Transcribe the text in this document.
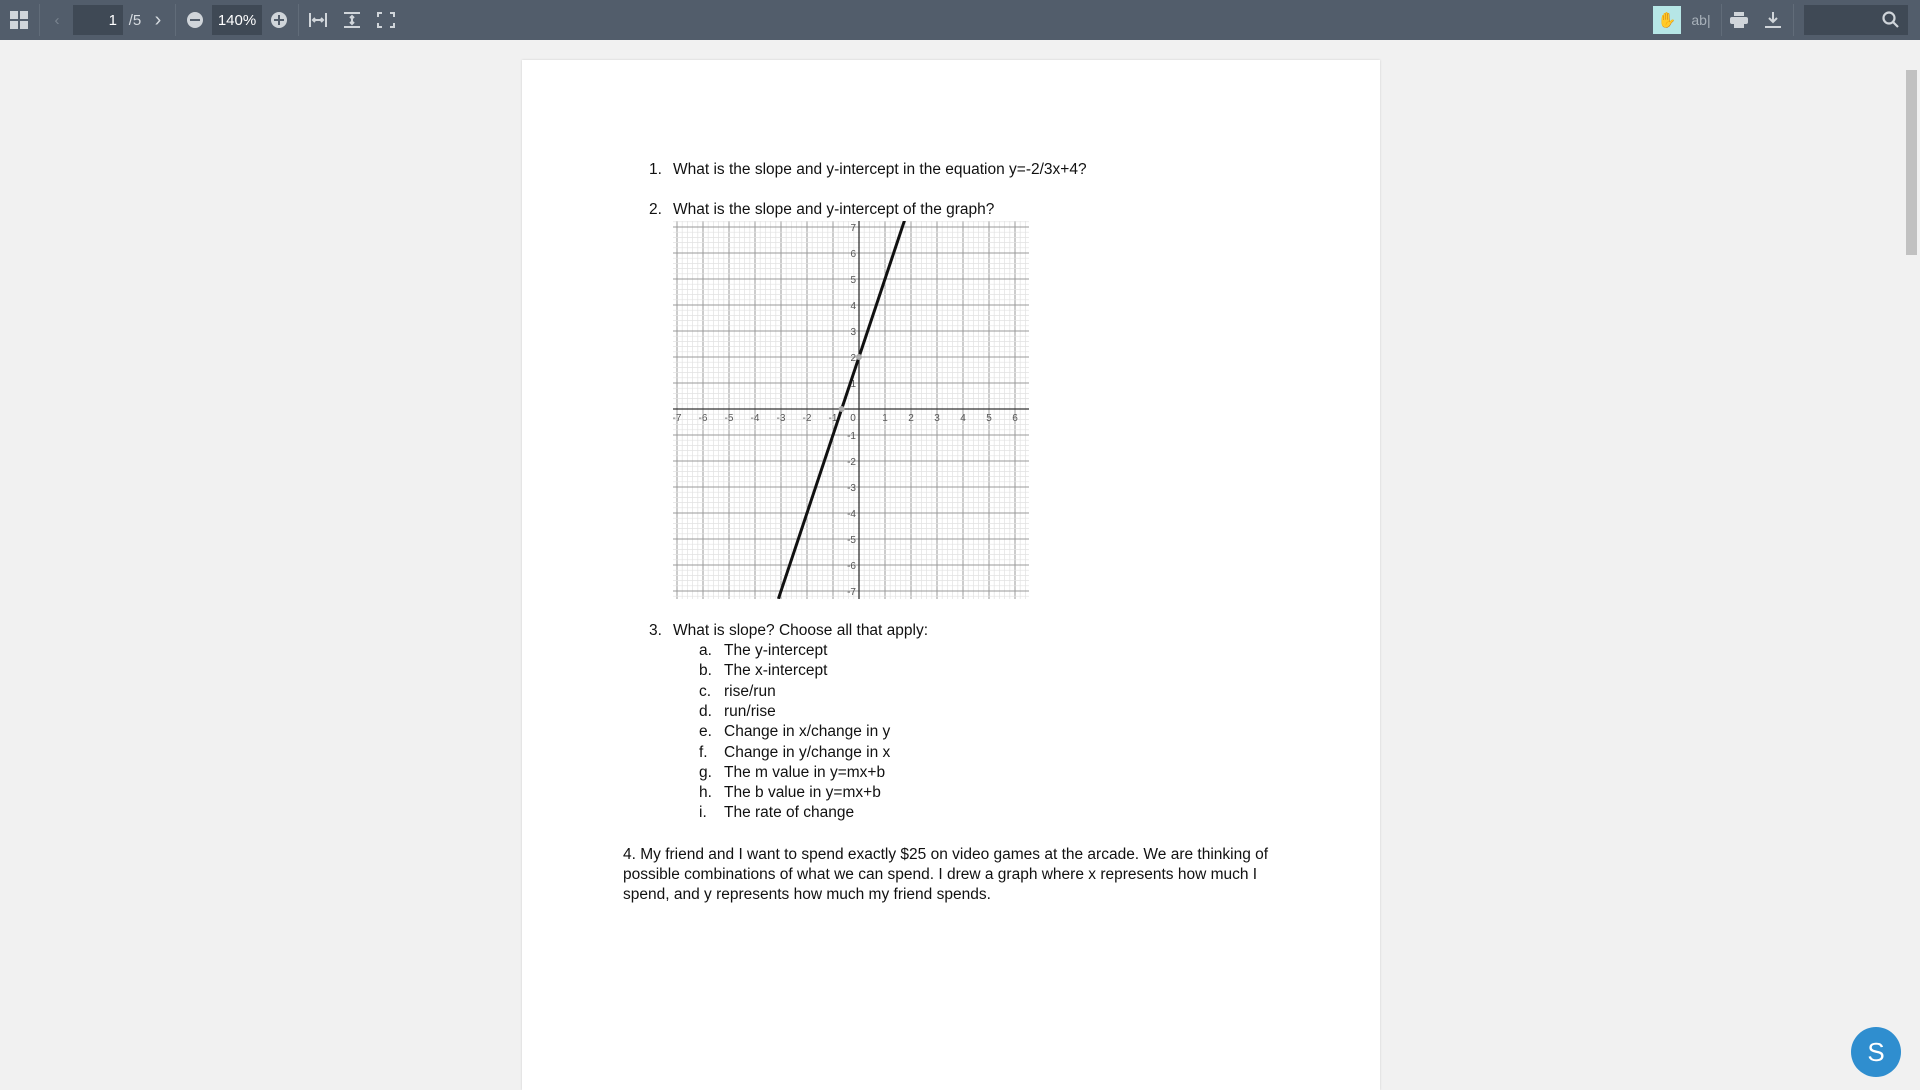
‹	1 /5 ›	140%	✋	ab|
1. What is the slope and y-intercept in the equation y=-2/3x+4?
2. What is the slope and y-intercept of the graph?
-7 -6 -5 -4 -3 -2 -1 0	1 2 3 4 5 6
7
6
5
4
3
2
1
-1
-2
-3
-4
-5
-6
-7
3. What is slope? Choose all that apply:
a. The y-intercept
b. The x-intercept
c. rise/run
d. run/rise
e. Change in x/change in y
f. Change in y/change in x
g. The m value in y=mx+b
h. The b value in y=mx+b
i. The rate of change
4. My friend and I want to spend exactly $25 on video games at the arcade. We are thinking of
possible combinations of what we can spend. I drew a graph where x represents how much I
spend, and y represents how much my friend spends.
S
